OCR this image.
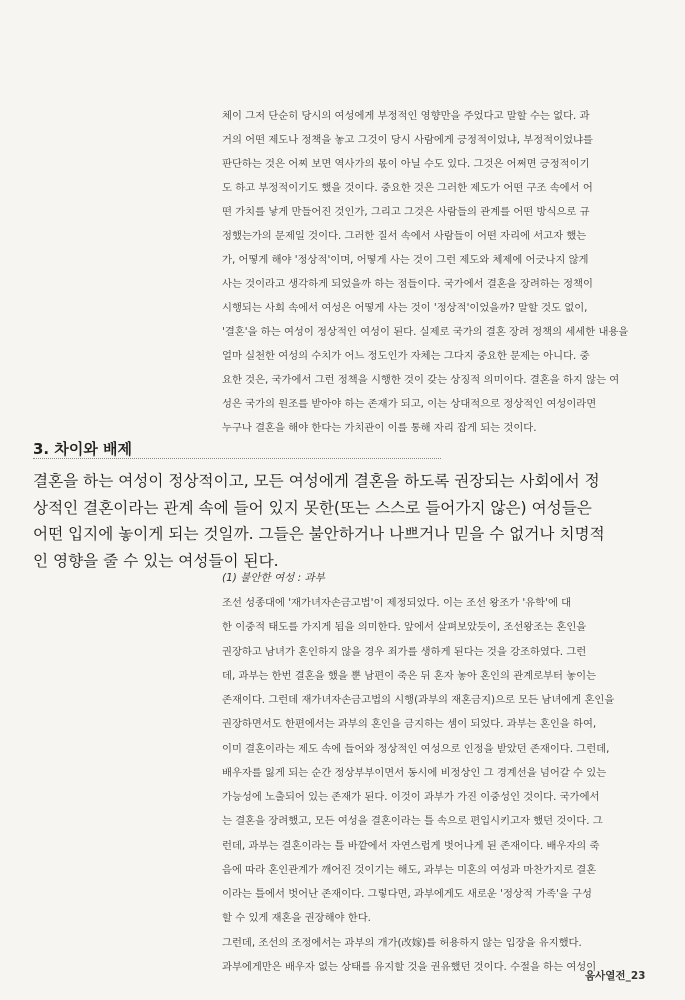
체이 그저 단순히 당시의 여성에게 부정적인 영향만을 주었다고 말할 수는 없다. 과
거의 어떤 제도나 정책을 놓고 그것이 당시 사람에게 긍정적이었냐, 부정적이었냐를
판단하는 것은 어찌 보면 역사가의 몫이 아닐 수도 있다. 그것은 어쩌면 긍정적이기
도 하고 부정적이기도 했을 것이다. 중요한 것은 그러한 제도가 어떤 구조 속에서 어
떤 가치를 낳게 만들어진 것인가, 그리고 그것은 사람들의 관계를 어떤 방식으로 규
정했는가의 문제일 것이다. 그러한 질서 속에서 사람들이 어떤 자리에 서고자 했는
가, 어떻게 해야 '정상적'이며, 어떻게 사는 것이 그런 제도와 체제에 어긋나지 않게
사는 것이라고 생각하게 되었을까 하는 점들이다. 국가에서 결혼을 장려하는 정책이
시행되는 사회 속에서 여성은 어떻게 사는 것이 '정상적'이었을까? 말할 것도 없이,
'결혼'을 하는 여성이 정상적인 여성이 된다. 실제로 국가의 결혼 장려 정책의 세세한 내용을
얼마 실천한 여성의 수치가 어느 정도인가 자체는 그다지 중요한 문제는 아니다. 중
요한 것은, 국가에서 그런 정책을 시행한 것이 갖는 상징적 의미이다. 결혼을 하지 않는 여
성은 국가의 원조를 받아야 하는 존재가 되고, 이는 상대적으로 정상적인 여성이라면
누구나 결혼을 해야 한다는 가치관이 이를 통해 자리 잡게 되는 것이다.
3. 차이와 배제
결혼을 하는 여성이 정상적이고, 모든 여성에게 결혼을 하도록 권장되는 사회에서 정
상적인 결혼이라는 관계 속에 들어 있지 못한(또는 스스로 들어가지 않은) 여성들은
어떤 입지에 놓이게 되는 것일까. 그들은 불안하거나 나쁘거나 믿을 수 없거나 치명적
인 영향을 줄 수 있는 여성들이 된다.
(1) 불안한 여성 : 과부
조선 성종대에 '재가녀자손금고법'이 제정되었다. 이는 조선 왕조가 '유학'에 대
한 이중적 태도를 가지게 됨을 의미한다. 앞에서 살펴보았듯이, 조선왕조는 혼인을
권장하고 남녀가 혼인하지 않을 경우 죄가를 생하게 된다는 것을 강조하였다. 그런
데, 과부는 한번 결혼을 했을 뿐 남편이 죽은 뒤 혼자 놓아 혼인의 관계로부터 놓이는
존재이다. 그런데 재가녀자손금고법의 시행(과부의 재혼금지)으로 모든 남녀에게 혼인을
권장하면서도 한편에서는 과부의 혼인을 금지하는 셈이 되었다. 과부는 혼인을 하여,
이미 결혼이라는 제도 속에 들어와 정상적인 여성으로 인정을 받았던 존재이다. 그런데,
배우자를 잃게 되는 순간 정상부부이면서 동시에 비정상인 그 경계선을 넘어갈 수 있는
가능성에 노출되어 있는 존재가 된다. 이것이 과부가 가진 이중성인 것이다. 국가에서
는 결혼을 장려했고, 모든 여성을 결혼이라는 틀 속으로 편입시키고자 했던 것이다. 그
런데, 과부는 결혼이라는 틀 바깥에서 자연스럽게 벗어나게 된 존재이다. 배우자의 죽
음에 따라 혼인관계가 깨어진 것이기는 해도, 과부는 미혼의 여성과 마찬가지로 결혼
이라는 틀에서 벗어난 존재이다. 그렇다면, 과부에게도 새로운 '정상적 가족'을 구성
할 수 있게 재혼을 권장해야 한다.
그런데, 조선의 조정에서는 과부의 개가(改嫁)를 허용하지 않는 입장을 유지했다.
과부에게만은 배우자 없는 상태를 유지할 것을 권유했던 것이다. 수절을 하는 여성이
움사열전_23
